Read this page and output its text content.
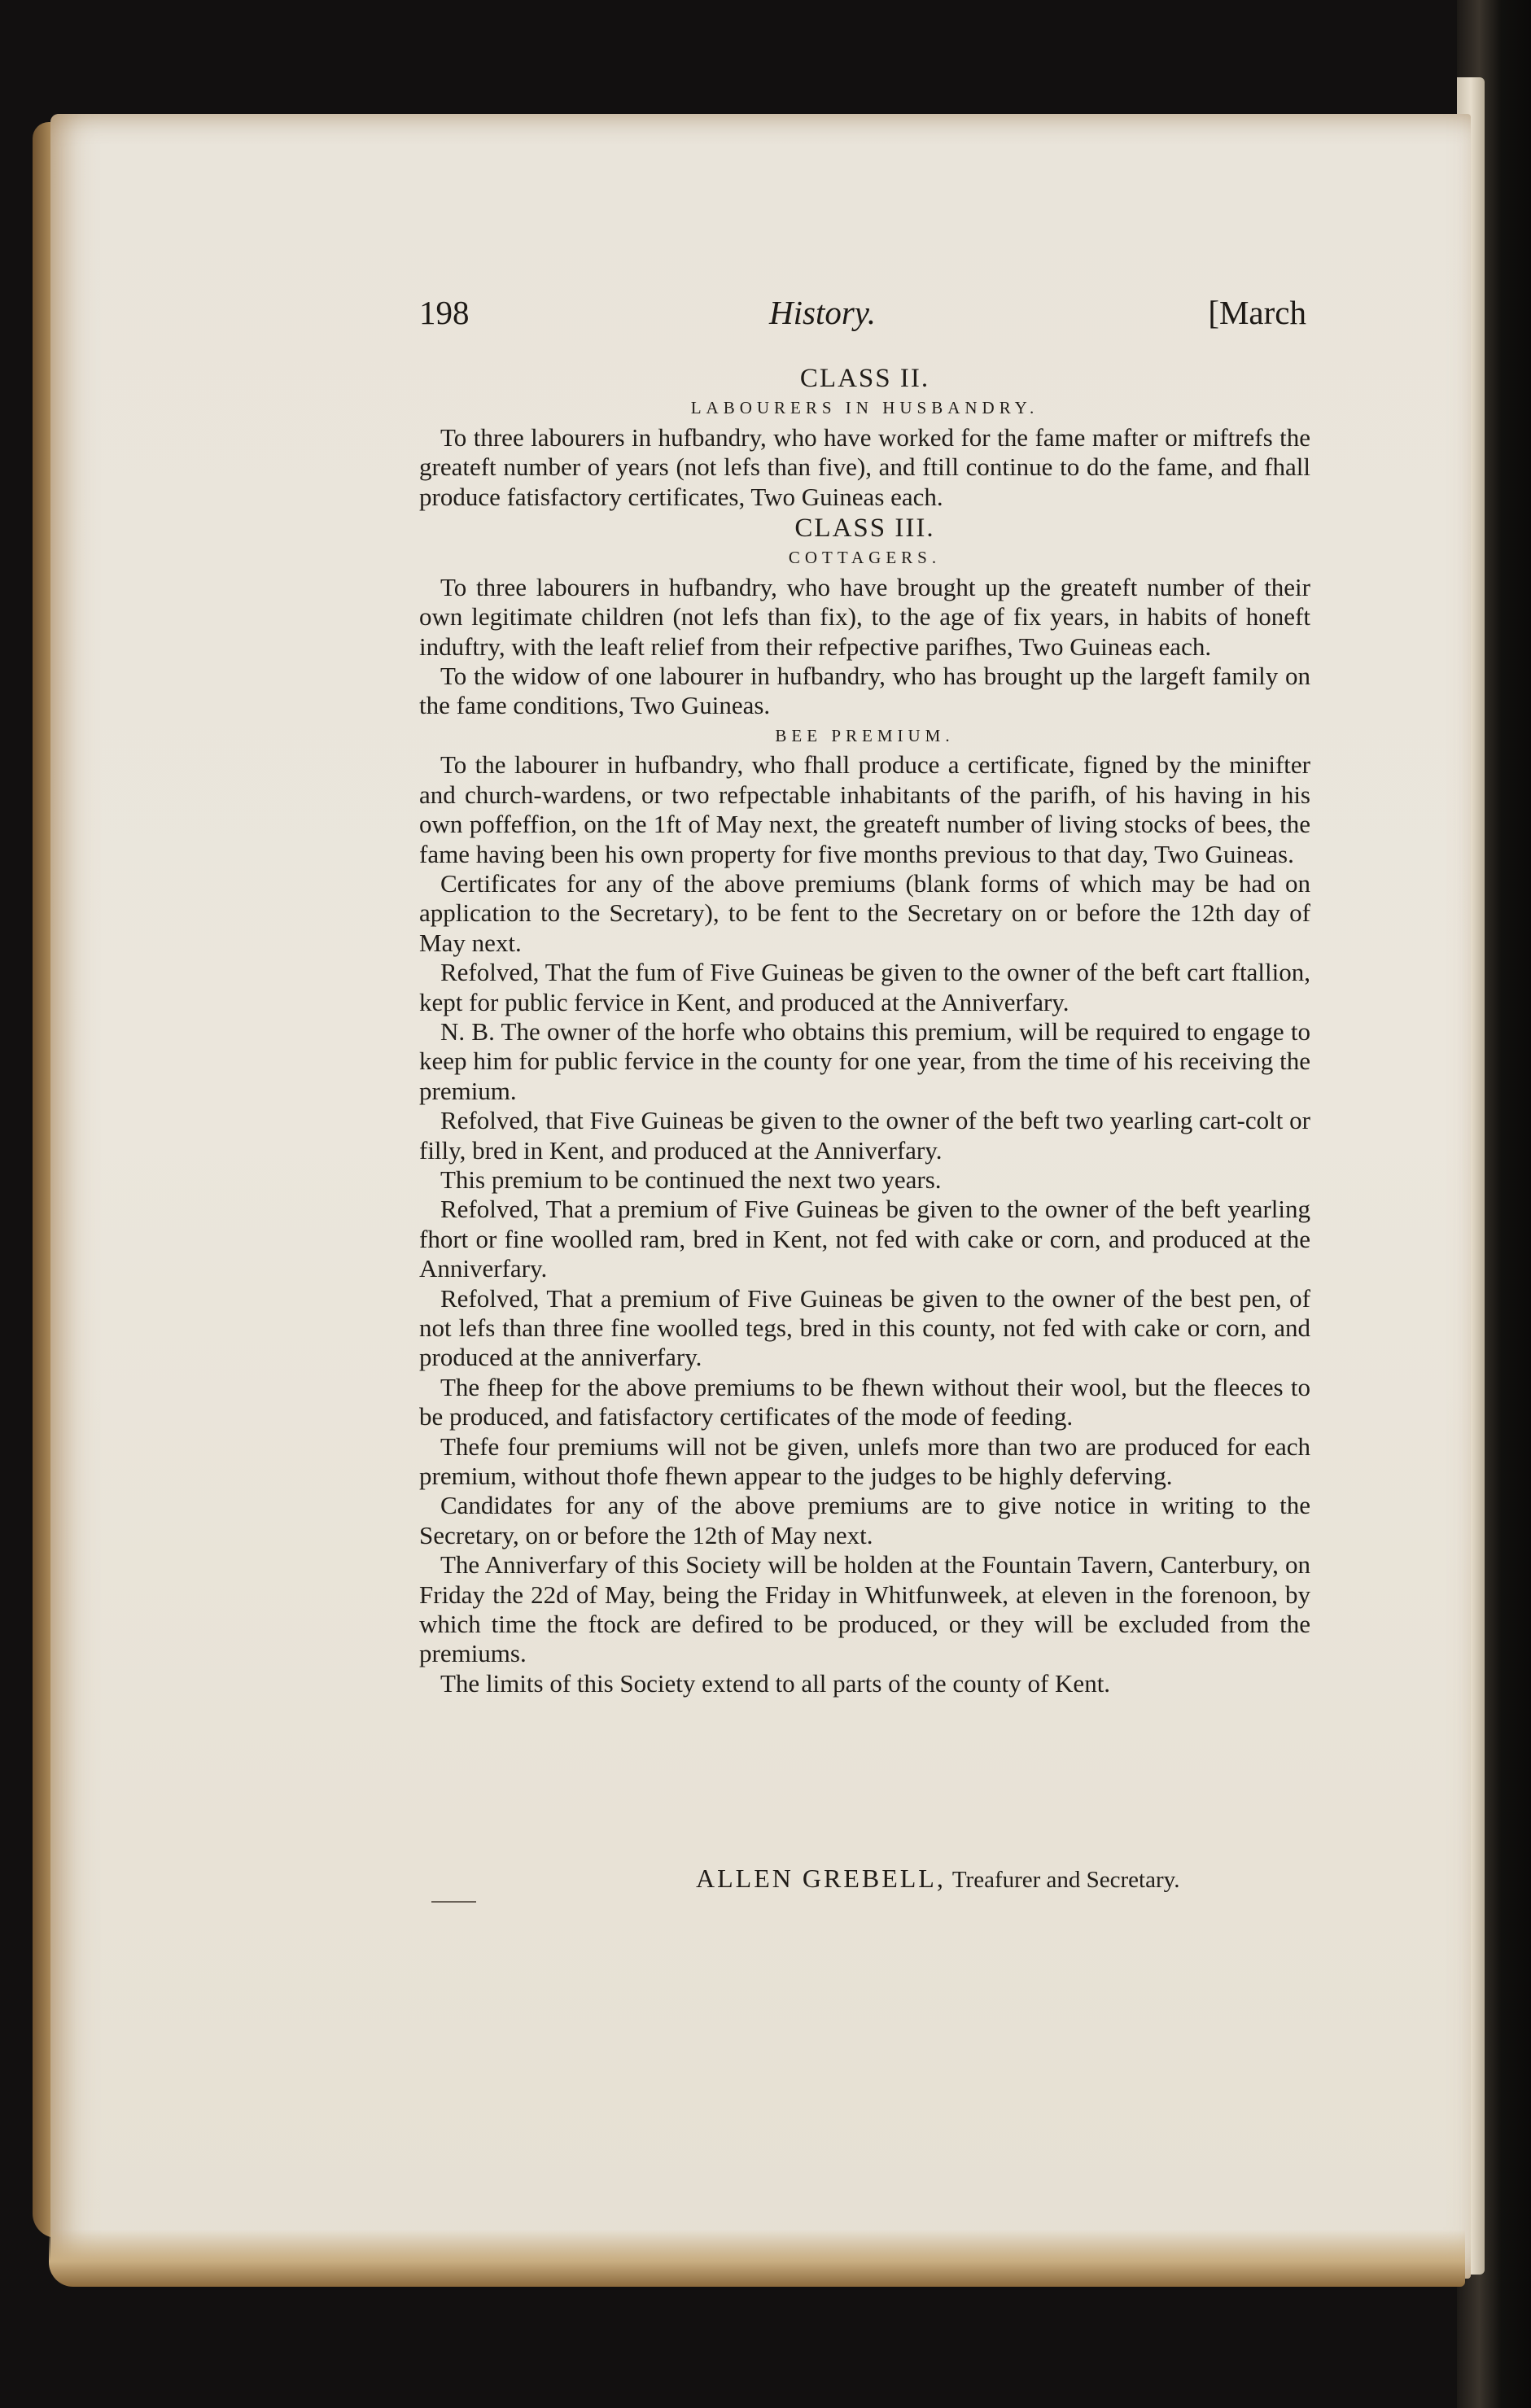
198	History.	[March

CLASS II.

LABOURERS IN HUSBANDRY.

To three labourers in hufbandry, who have worked for the fame mafter or miftrefs the greateft number of years (not lefs than five), and ftill continue to do the fame, and fhall produce fatisfactory certificates, Two Guineas each.

CLASS III.

COTTAGERS.

To three labourers in hufbandry, who have brought up the greateft number of their own legitimate children (not lefs than fix), to the age of fix years, in habits of honeft induftry, with the leaft relief from their refpective parifhes, Two Guineas each.

To the widow of one labourer in hufbandry, who has brought up the largeft family on the fame conditions, Two Guineas.

BEE PREMIUM.

To the labourer in hufbandry, who fhall produce a certificate, figned by the minifter and church-wardens, or two refpectable inhabitants of the parifh, of his having in his own poffeffion, on the 1ft of May next, the greateft number of living stocks of bees, the fame having been his own property for five months previous to that day, Two Guineas.

Certificates for any of the above premiums (blank forms of which may be had on application to the Secretary), to be fent to the Secretary on or before the 12th day of May next.

Refolved, That the fum of Five Guineas be given to the owner of the beft cart ftallion, kept for public fervice in Kent, and produced at the Anniverfary.

N. B. The owner of the horfe who obtains this premium, will be required to engage to keep him for public fervice in the county for one year, from the time of his receiving the premium.

Refolved, that Five Guineas be given to the owner of the beft two yearling cart-colt or filly, bred in Kent, and produced at the Anniverfary.

This premium to be continued the next two years.

Refolved, That a premium of Five Guineas be given to the owner of the beft yearling fhort or fine woolled ram, bred in Kent, not fed with cake or corn, and produced at the Anniverfary.

Refolved, That a premium of Five Guineas be given to the owner of the best pen, of not lefs than three fine woolled tegs, bred in this county, not fed with cake or corn, and produced at the anniverfary.

The fheep for the above premiums to be fhewn without their wool, but the fleeces to be produced, and fatisfactory certificates of the mode of feeding.

Thefe four premiums will not be given, unlefs more than two are produced for each premium, without thofe fhewn appear to the judges to be highly deferving.

Candidates for any of the above premiums are to give notice in writing to the Secretary, on or before the 12th of May next.

The Anniverfary of this Society will be holden at the Fountain Tavern, Canterbury, on Friday the 22d of May, being the Friday in Whitfunweek, at eleven in the forenoon, by which time the ftock are defired to be produced, or they will be excluded from the premiums.

The limits of this Society extend to all parts of the county of Kent.

ALLEN GREBELL, Treafurer and Secretary.
